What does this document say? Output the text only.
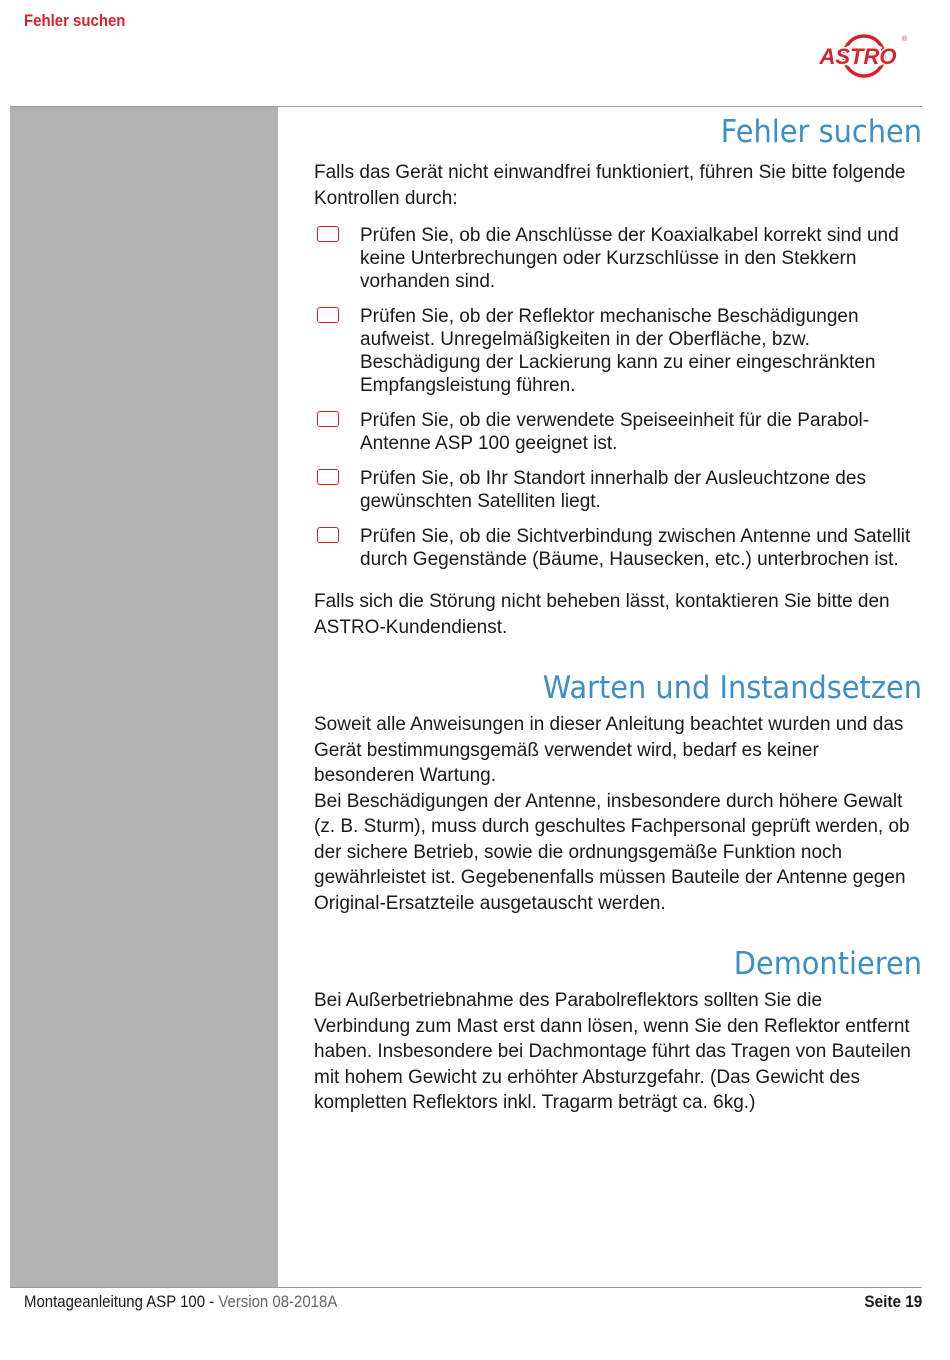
Fehler suchen
ASTRO
®
Fehler suchen

Falls das Gerät nicht einwandfrei funktioniert, führen Sie bitte folgende Kontrollen durch:

Prüfen Sie, ob die Anschlüsse der Koaxialkabel korrekt sind und keine Unterbrechungen oder Kurzschlüsse in den Stekkern vorhanden sind.
Prüfen Sie, ob der Reflektor mechanische Beschädigungen aufweist. Unregelmäßigkeiten in der Oberfläche, bzw. Beschädigung der Lackierung kann zu einer eingeschränkten Empfangsleistung führen.
Prüfen Sie, ob die verwendete Speiseeinheit für die Parabol-Antenne ASP 100 geeignet ist.
Prüfen Sie, ob Ihr Standort innerhalb der Ausleuchtzone des gewünschten Satelliten liegt.
Prüfen Sie, ob die Sichtverbindung zwischen Antenne und Satellit durch Gegenstände (Bäume, Hausecken, etc.) unterbrochen ist.

Falls sich die Störung nicht beheben lässt, kontaktieren Sie bitte den ASTRO-Kundendienst.

Warten und Instandsetzen

Soweit alle Anweisungen in dieser Anleitung beachtet wurden und das Gerät bestimmungsgemäß verwendet wird, bedarf es keiner besonderen Wartung.

Bei Beschädigungen der Antenne, insbesondere durch höhere Gewalt (z. B. Sturm), muss durch geschultes Fachpersonal geprüft werden, ob der sichere Betrieb, sowie die ordnungsgemäße Funktion noch gewährleistet ist. Gegebenenfalls müssen Bauteile der Antenne gegen Original-Ersatzteile ausgetauscht werden.

Demontieren

Bei Außerbetriebnahme des Parabolreflektors sollten Sie die Verbindung zum Mast erst dann lösen, wenn Sie den Reflektor entfernt haben. Insbesondere bei Dachmontage führt das Tragen von Bauteilen mit hohem Gewicht zu erhöhter Absturzgefahr. (Das Gewicht des kompletten Reflektors inkl. Tragarm beträgt ca. 6kg.)

Montageanleitung ASP 100 - Version 08-2018A	Seite 19
